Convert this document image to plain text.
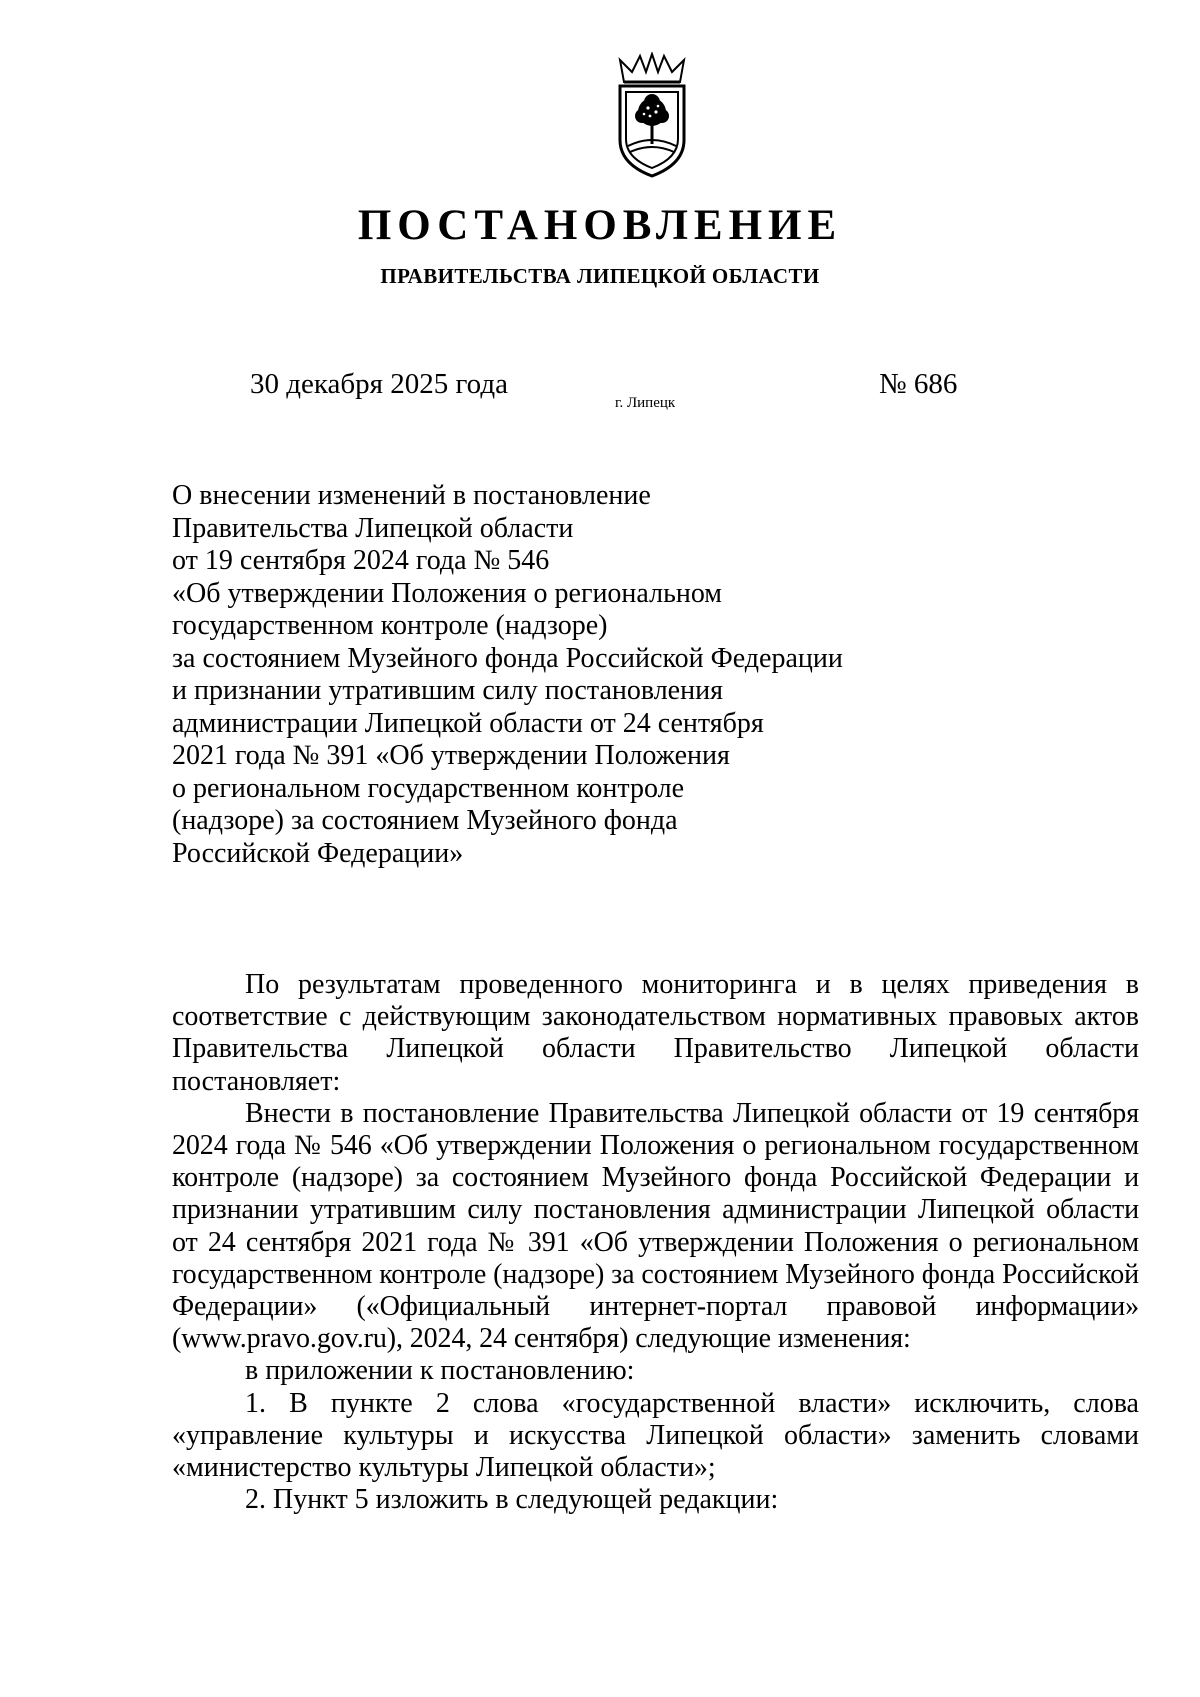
ПОСТАНОВЛЕНИЕ
ПРАВИТЕЛЬСТВА ЛИПЕЦКОЙ ОБЛАСТИ
30 декабря 2025 года
г. Липецк
№ 686
О внесении изменений в постановление
Правительства Липецкой области
от 19 сентября 2024 года № 546
«Об утверждении Положения о региональном
государственном контроле (надзоре)
за состоянием Музейного фонда Российской Федерации
и признании утратившим силу постановления
администрации Липецкой области от 24 сентября
2021 года № 391 «Об утверждении Положения
о региональном государственном контроле
(надзоре) за состоянием Музейного фонда
Российской Федерации»

По результатам проведенного мониторинга и в целях приведения в соответствие с действующим законодательством нормативных правовых актов Правительства Липецкой области Правительство Липецкой области постановляет:

Внести в постановление Правительства Липецкой области от 19 сентября 2024 года № 546 «Об утверждении Положения о региональном государственном контроле (надзоре) за состоянием Музейного фонда Российской Федерации и признании утратившим силу постановления администрации Липецкой области от 24 сентября 2021 года № 391 «Об утверждении Положения о региональном государственном контроле (надзоре) за состоянием Музейного фонда Российской Федерации» («Официальный интернет-портал правовой информации» (www.pravo.gov.ru), 2024, 24 сентября) следующие изменения:

в приложении к постановлению:

1. В пункте 2 слова «государственной власти» исключить, слова «управление культуры и искусства Липецкой области» заменить словами «министерство культуры Липецкой области»;

2. Пункт 5 изложить в следующей редакции:
